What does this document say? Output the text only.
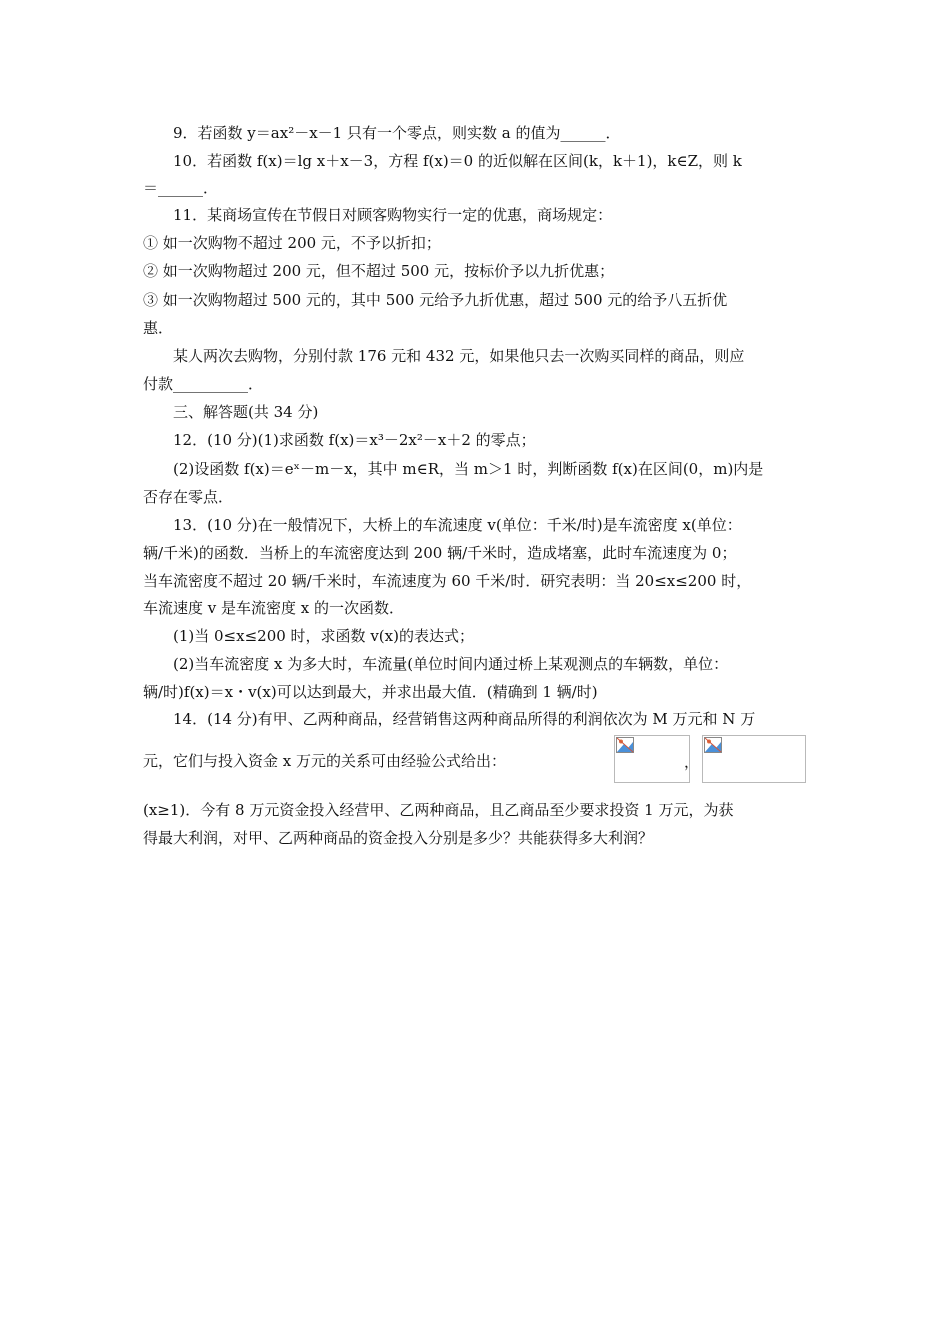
9．若函数 y＝ax²－x－1 只有一个零点，则实数 a 的值为______．
10．若函数 f(x)＝lg x＋x－3，方程 f(x)＝0 的近似解在区间(k，k＋1)，k∈Z，则 k
＝______．
11．某商场宣传在节假日对顾客购物实行一定的优惠，商场规定：
① 如一次购物不超过 200 元，不予以折扣；
② 如一次购物超过 200 元，但不超过 500 元，按标价予以九折优惠；
③ 如一次购物超过 500 元的，其中 500 元给予九折优惠，超过 500 元的给予八五折优
惠．
某人两次去购物，分别付款 176 元和 432 元，如果他只去一次购买同样的商品，则应
付款__________．
三、解答题(共 34 分)
12．(10 分)(1)求函数 f(x)＝x³－2x²－x＋2 的零点；
(2)设函数 f(x)＝eˣ－m－x，其中 m∈R，当 m＞1 时，判断函数 f(x)在区间(0，m)内是
否存在零点．
13．(10 分)在一般情况下，大桥上的车流速度 v(单位：千米/时)是车流密度 x(单位：
辆/千米)的函数．当桥上的车流密度达到 200 辆/千米时，造成堵塞，此时车流速度为 0；
当车流密度不超过 20 辆/千米时，车流速度为 60 千米/时．研究表明：当 20≤x≤200 时，
车流速度 v 是车流密度 x 的一次函数．
(1)当 0≤x≤200 时，求函数 v(x)的表达式；
(2)当车流密度 x 为多大时，车流量(单位时间内通过桥上某观测点的车辆数，单位：
辆/时)f(x)＝x・v(x)可以达到最大，并求出最大值．(精确到 1 辆/时)
14．(14 分)有甲、乙两种商品，经营销售这两种商品所得的利润依次为 M 万元和 N 万
元，它们与投入资金 x 万元的关系可由经验公式给出：	，
(x≥1)．今有 8 万元资金投入经营甲、乙两种商品，且乙商品至少要求投资 1 万元，为获
得最大利润，对甲、乙两种商品的资金投入分别是多少？共能获得多大利润？
